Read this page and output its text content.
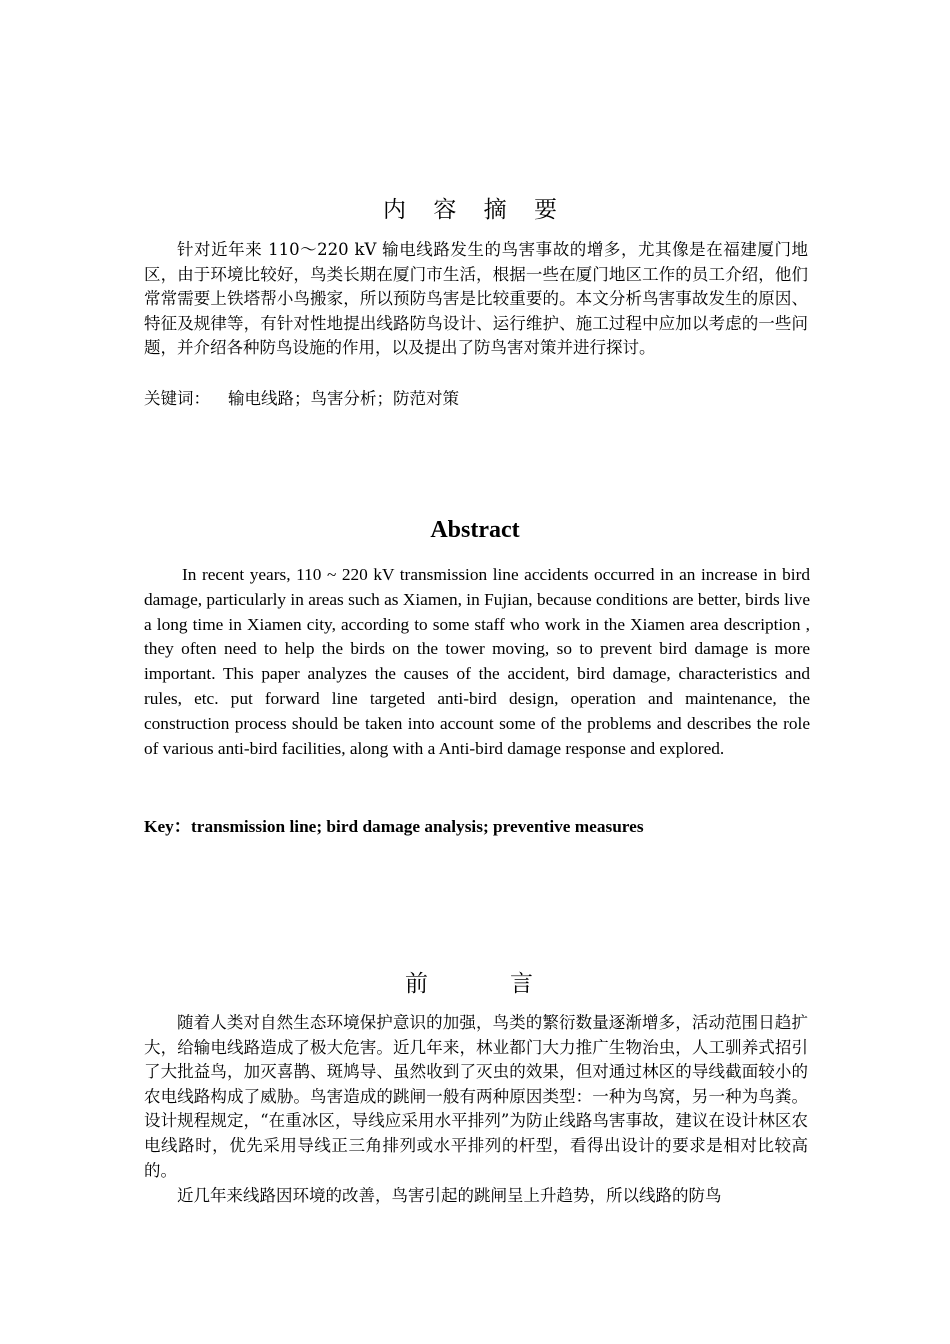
内 容 摘 要

针对近年来 110～220 kV 输电线路发生的鸟害事故的增多，尤其像是在福建厦门地区，由于环境比较好，鸟类长期在厦门市生活，根据一些在厦门地区工作的员工介绍，他们常常需要上铁塔帮小鸟搬家，所以预防鸟害是比较重要的。本文分析鸟害事故发生的原因、特征及规律等，有针对性地提出线路防鸟设计、运行维护、施工过程中应加以考虑的一些问题，并介绍各种防鸟设施的作用，以及提出了防鸟害对策并进行探讨。

关键词： 输电线路；鸟害分析；防范对策

Abstract

In recent years, 110 ~ 220 kV transmission line accidents occurred in an increase in bird damage, particularly in areas such as Xiamen, in Fujian, because conditions are better, birds live a long time in Xiamen city, according to some staff who work in the Xiamen area description , they often need to help the birds on the tower moving, so to prevent bird damage is more important. This paper analyzes the causes of the accident, bird damage, characteristics and rules, etc. put forward line targeted anti-bird design, operation and maintenance, the construction process should be taken into account some of the problems and describes the role of various anti-bird facilities, along with a Anti-bird damage response and explored.

Key：transmission line; bird damage analysis; preventive measures

前　　言

随着人类对自然生态环境保护意识的加强，鸟类的繁衍数量逐渐增多，活动范围日趋扩大，给输电线路造成了极大危害。近几年来，林业都门大力推广生物治虫，人工驯养式招引了大批益鸟，加灭喜鹊、斑鸠导、虽然收到了灭虫的效果，但对通过林区的导线截面较小的农电线路构成了威胁。鸟害造成的跳闸一般有两种原因类型：一种为鸟窝，另一种为鸟粪。设计规程规定，“在重冰区，导线应采用水平排列”为防止线路鸟害事故，建议在设计林区农电线路时，优先采用导线正三角排列或水平排列的杆型，看得出设计的要求是相对比较高的。

近几年来线路因环境的改善，鸟害引起的跳闸呈上升趋势，所以线路的防鸟
